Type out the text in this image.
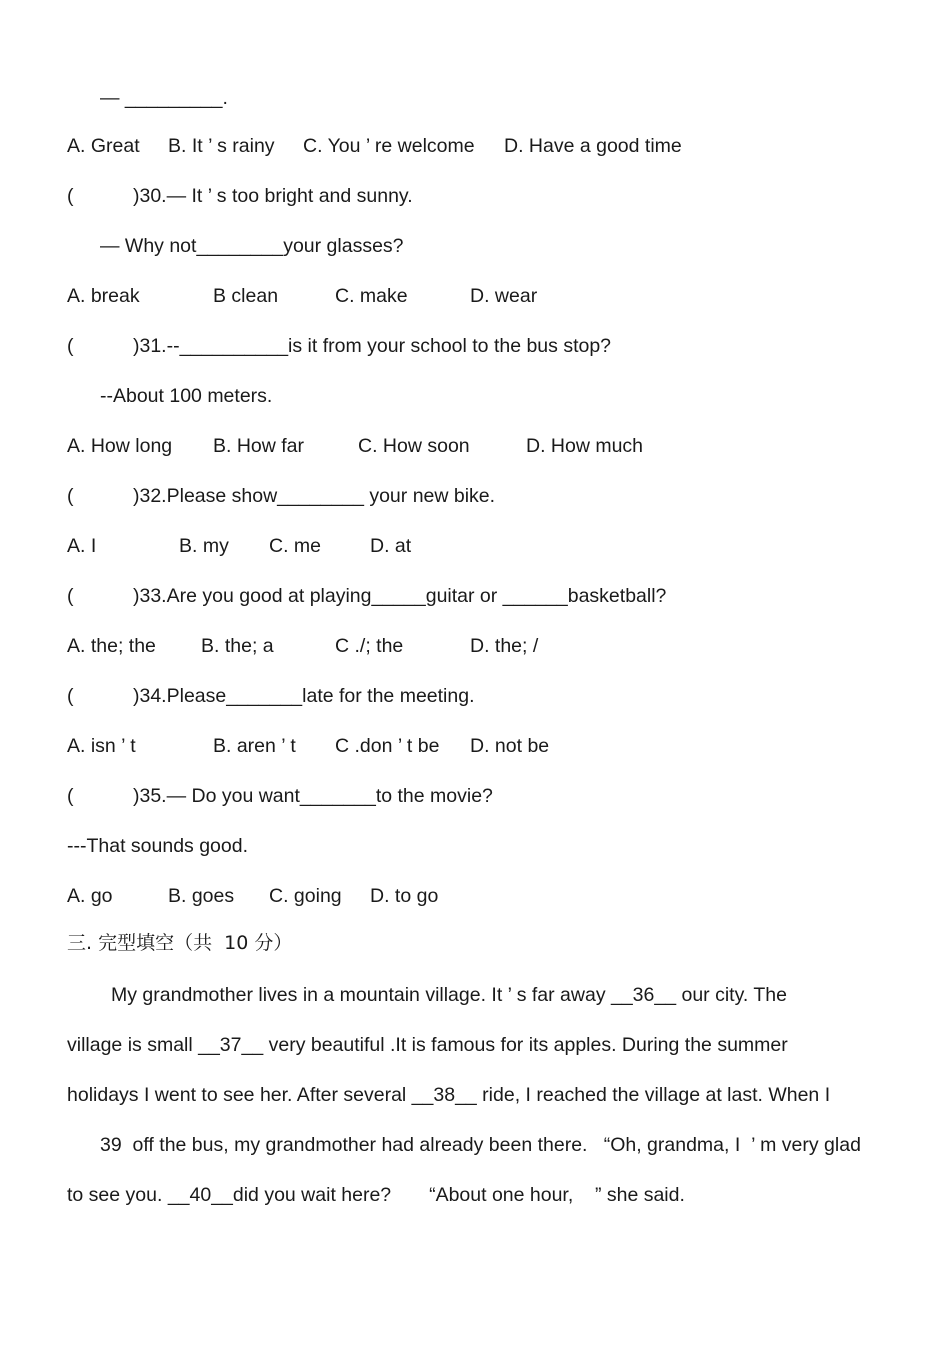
— _________.
A. Great B. It ’ s rainy C. You ’ re welcome D. Have a good time
(	)30.— It ’ s too bright and sunny.
— Why not________your glasses?
A. break	B clean	C. make	D. wear
(	)31.--__________is it from your school to the bus stop?
--About 100 meters.
A. How long B. How far	C. How soon	D. How much
(	)32.Please show________ your new bike.
A. I	B. my C. me	D. at
(	)33.Are you good at playing_____guitar or ______basketball?
A. the; the B. the; a	C ./; the	D. the; /
(	)34.Please_______late for the meeting.
A. isn ’ t	B. aren ’ t C .don ’ t be D. not be
(	)35.— Do you want_______to the movie?
---That sounds good.
A. go	B. goes C. going D. to go
三. 完型填空（共  10 分）
My grandmother lives in a mountain village. It ’ s far away __36__ our city. The
village is small __37__ very beautiful .It is famous for its apples. During the summer
holidays I went to see her. After several __38__ ride, I reached the village at last. When I
39  off the bus, my grandmother had already been there.   “Oh, grandma, I  ’ m very glad
to see you. __40__did you wait here?       “About one hour,    ” she said.
